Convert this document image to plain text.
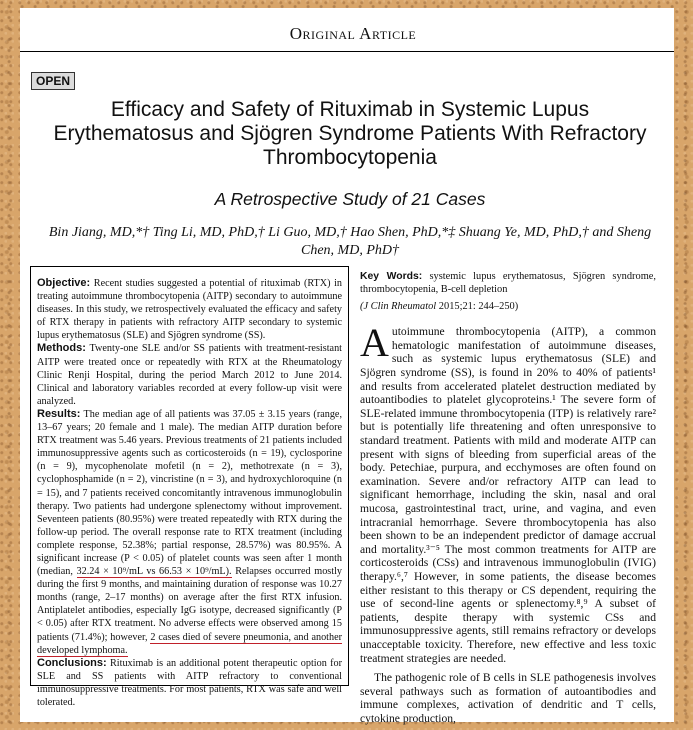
Original Article
OPEN
Efficacy and Safety of Rituximab in Systemic Lupus Erythematosus and Sjögren Syndrome Patients With Refractory Thrombocytopenia
A Retrospective Study of 21 Cases
Bin Jiang, MD,*† Ting Li, MD, PhD,† Li Guo, MD,† Hao Shen, PhD,*‡ Shuang Ye, MD, PhD,† and Sheng Chen, MD, PhD†

Objective: Recent studies suggested a potential of rituximab (RTX) in treating autoimmune thrombocytopenia (AITP) secondary to autoimmune diseases. In this study, we retrospectively evaluated the efficacy and safety of RTX therapy in patients with refractory AITP secondary to systemic lupus erythematosus (SLE) and Sjögren syndrome (SS).

Methods: Twenty-one SLE and/or SS patients with treatment-resistant AITP were treated once or repeatedly with RTX at the Rheumatology Clinic Renji Hospital, during the period March 2012 to June 2014. Clinical and laboratory variables recorded at every follow-up visit were analyzed.

Results: The median age of all patients was 37.05 ± 3.15 years (range, 13–67 years; 20 female and 1 male). The median AITP duration before RTX treatment was 5.46 years. Previous treatments of 21 patients included immunosuppressive agents such as corticosteroids (n = 19), cyclosporine (n = 9), mycophenolate mofetil (n = 2), methotrexate (n = 3), cyclophosphamide (n = 2), vincristine (n = 3), and hydroxychloroquine (n = 15), and 7 patients received concomitantly intravenous immunoglobulin therapy. Two patients had undergone splenectomy without improvement. Seventeen patients (80.95%) were treated repeatedly with RTX during the follow-up period. The overall response rate to RTX treatment (including complete response, 52.38%; partial response, 28.57%) was 80.95%. A significant increase (P < 0.05) of platelet counts was seen after 1 month (median, 32.24 × 10⁹/mL vs 66.53 × 10⁹/mL). Relapses occurred mostly during the first 9 months, and maintaining duration of response was 10.27 months (range, 2–17 months) on average after the first RTX infusion. Antiplatelet antibodies, especially IgG isotype, decreased significantly (P < 0.05) after RTX treatment. No adverse effects were observed among 15 patients (71.4%); however, 2 cases died of severe pneumonia, and another developed lymphoma.

Conclusions: Rituximab is an additional potent therapeutic option for SLE and SS patients with AITP refractory to conventional immunosuppressive treatments. For most patients, RTX was safe and well tolerated.

Key Words: systemic lupus erythematosus, Sjögren syndrome, thrombocytopenia, B-cell depletion
(J Clin Rheumatol 2015;21: 244–250)

Autoimmune thrombocytopenia (AITP), a common hematologic manifestation of autoimmune diseases, such as systemic lupus erythematosus (SLE) and Sjögren syndrome (SS), is found in 20% to 40% of patients¹ and results from accelerated platelet destruction mediated by autoantibodies to platelet glycoproteins.¹ The severe form of SLE-related immune thrombocytopenia (ITP) is relatively rare² but is potentially life threatening and often unresponsive to standard treatment. Patients with mild and moderate AITP can present with signs of bleeding from superficial areas of the body. Petechiae, purpura, and ecchymoses are often found on examination. Severe and/or refractory AITP can lead to significant hemorrhage, including the skin, nasal and oral mucosa, gastrointestinal tract, urine, and vagina, and even intracranial hemorrhage. Severe thrombocytopenia has also been shown to be an independent predictor of damage accrual and mortality.³⁻⁵ The most common treatments for AITP are corticosteroids (CSs) and intravenous immunoglobulin (IVIG) therapy.⁶,⁷ However, in some patients, the disease becomes either resistant to this therapy or CS dependent, requiring the use of second-line agents or splenectomy.⁸,⁹ A subset of patients, despite therapy with systemic CSs and immunosuppressive agents, still remains refractory or develops unacceptable toxicity. Therefore, new effective and less toxic treatment strategies are needed.

The pathogenic role of B cells in SLE pathogenesis involves several pathways such as formation of autoantibodies and immune complexes, activation of dendritic and T cells, cytokine production,
